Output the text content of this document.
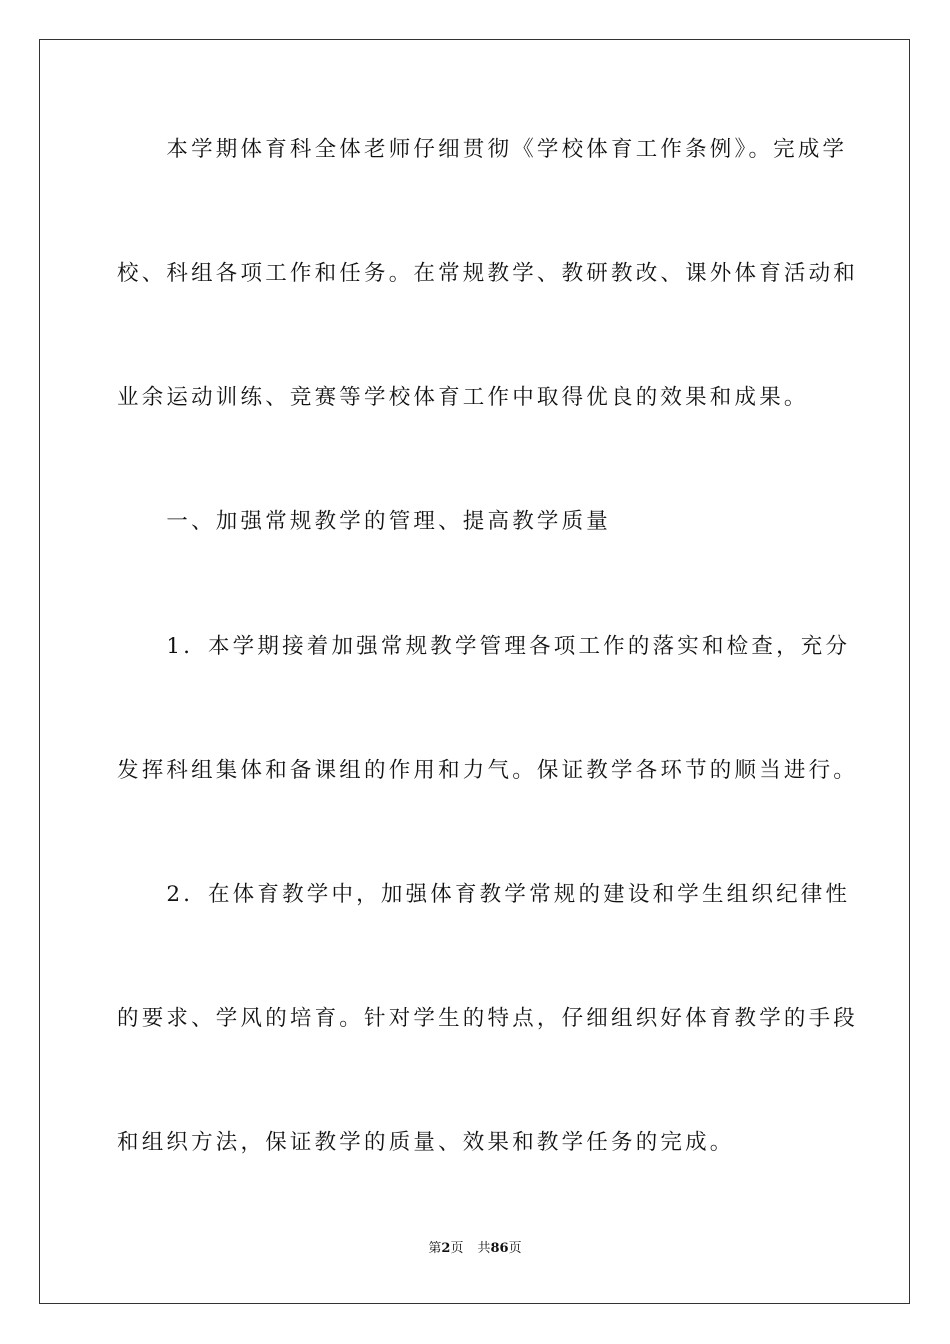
　　本学期体育科全体老师仔细贯彻《学校体育工作条例》。完成学
校、科组各项工作和任务。在常规教学、教研教改、课外体育活动和
业余运动训练、竞赛等学校体育工作中取得优良的效果和成果。
　　一、加强常规教学的管理、提高教学质量
　　1．本学期接着加强常规教学管理各项工作的落实和检查，充分
发挥科组集体和备课组的作用和力气。保证教学各环节的顺当进行。
　　2．在体育教学中，加强体育教学常规的建设和学生组织纪律性
的要求、学风的培育。针对学生的特点，仔细组织好体育教学的手段
和组织方法，保证教学的质量、效果和教学任务的完成。
第2页 共86页
